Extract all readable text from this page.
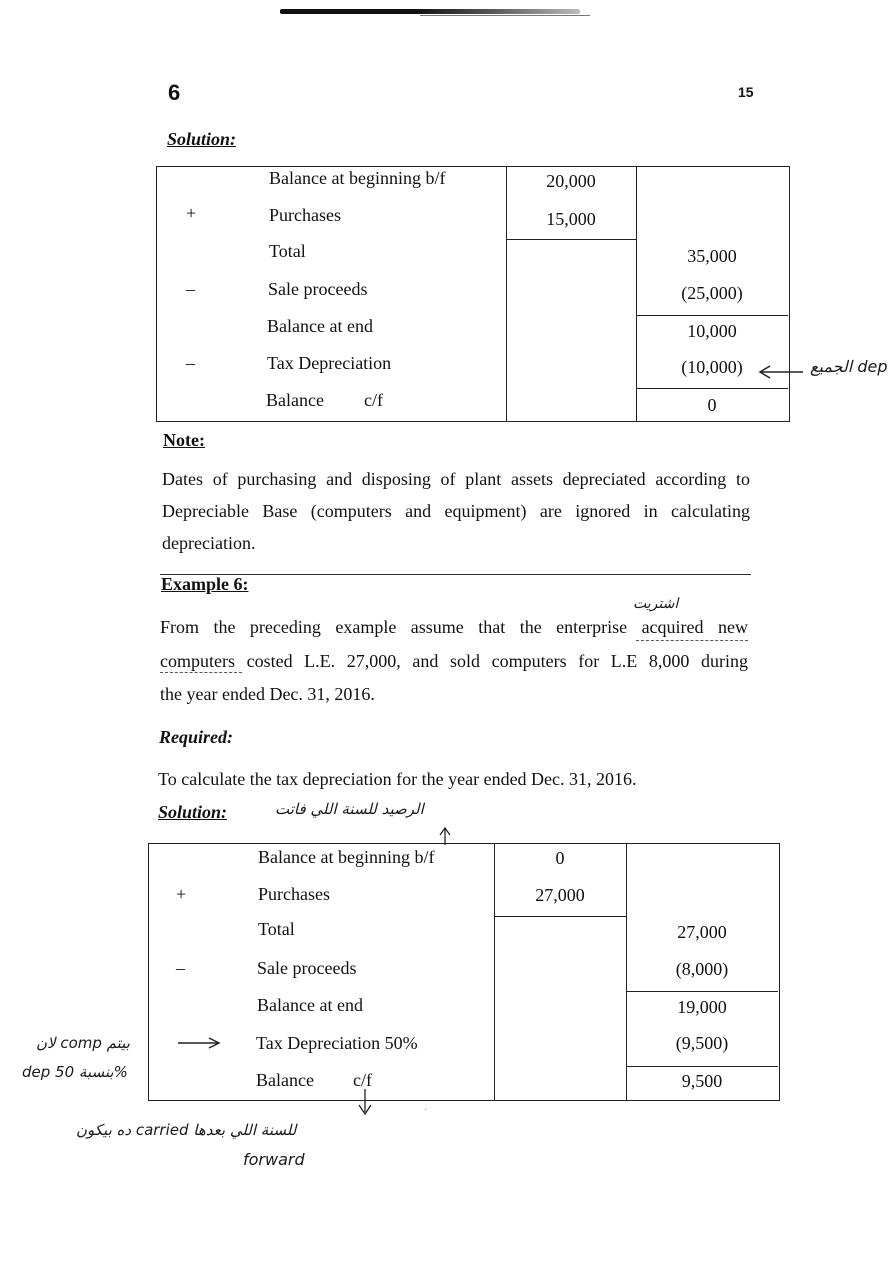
6	15
Solution:
+
–
–
Balance at beginning b/f
Purchases
Total
Sale proceeds
Balance at end
Tax Depreciation
Balance c/f
20,000
15,000
35,000
(25,000)
10,000
(10,000)
0
الجميع dep
Note:
Dates of purchasing and disposing of plant assets depreciated according to Depreciable Base (computers and equipment) are ignored in calculating depreciation.
Example 6:
اشتريت
From the preceding example assume that the enterprise acquired new
computers costed L.E. 27,000, and sold computers for L.E 8,000 during
the year ended Dec. 31, 2016.
Required:
To calculate the tax depreciation for the year ended Dec. 31, 2016.
Solution:	الرصيد للسنة اللي فاتت
+
–
Balance at beginning b/f
Purchases
Total
Sale proceeds
Balance at end
Tax Depreciation 50%
Balance c/f
0
27,000
27,000
(8,000)
19,000
(9,500)
9,500
لان comp بيتم
dep بنسبة 50%
·
ده بيكون carried للسنة اللي بعدها
forward
